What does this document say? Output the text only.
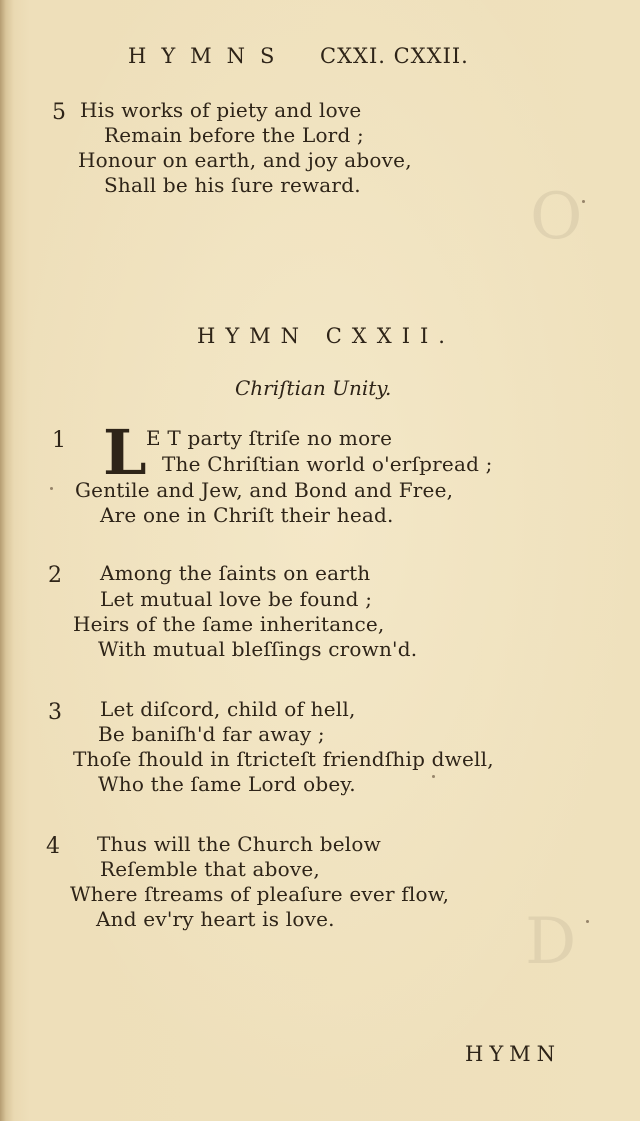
O
D
HYMNS CXXI. CXXII.
5 His works of piety and love
Remain before the Lord ;
Honour on earth, and joy above,
Shall be his ſure reward.
HYMN CXXII.
Chriſtian Unity.
1 L E T party ſtriſe no more
The Chriſtian world o'erſpread ;
Gentile and Jew, and Bond and Free,
Are one in Chriſt their head.
2 Among the ſaints on earth
Let mutual love be found ;
Heirs of the ſame inheritance,
With mutual bleſſings crown'd.
3 Let diſcord, child of hell,
Be baniſh'd far away ;
Thoſe ſhould in ſtricteſt friendſhip dwell,
Who the ſame Lord obey.
4 Thus will the Church below
Reſemble that above,
Where ſtreams of pleaſure ever flow,
And ev'ry heart is love.
HYMN
